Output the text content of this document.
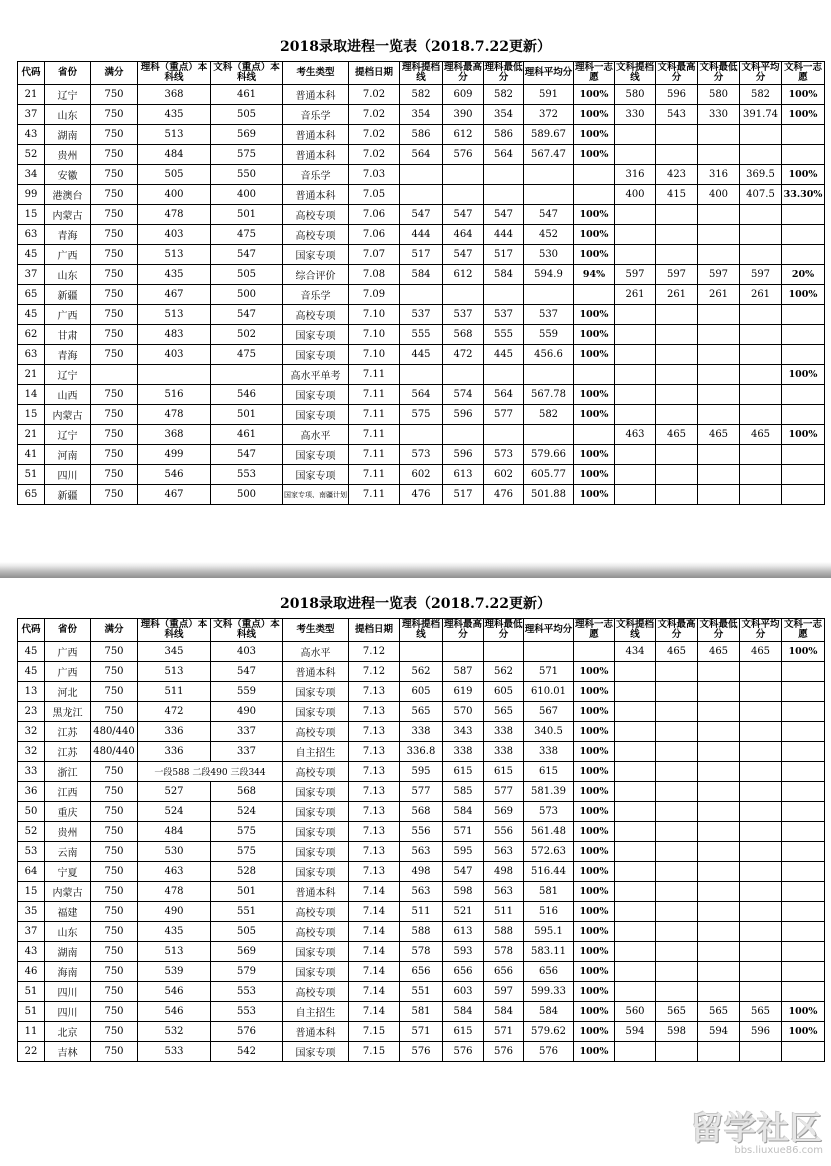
2018录取进程一览表（2018.7.22更新）
代码	省份	满分	理科（重点）本科线	文科（重点）本科线	考生类型	提档日期	理科提档线	理科最高分	理科最低分	理科平均分	理科一志愿	文科提档线	文科最高分	文科最低分	文科平均分	文科一志愿
21	辽宁	750	368	461	普通本科	7.02	582	609	582	591	100%	580	596	580	582	100%
37	山东	750	435	505	音乐学	7.02	354	390	354	372	100%	330	543	330	391.74	100%
43	湖南	750	513	569	普通本科	7.02	586	612	586	589.67	100%					
52	贵州	750	484	575	普通本科	7.02	564	576	564	567.47	100%					
34	安徽	750	505	550	音乐学	7.03						316	423	316	369.5	100%
99	港澳台	750	400	400	普通本科	7.05						400	415	400	407.5	33.30%
15	内蒙古	750	478	501	高校专项	7.06	547	547	547	547	100%					
63	青海	750	403	475	高校专项	7.06	444	464	444	452	100%					
45	广西	750	513	547	国家专项	7.07	517	547	517	530	100%					
37	山东	750	435	505	综合评价	7.08	584	612	584	594.9	94%	597	597	597	597	20%
65	新疆	750	467	500	音乐学	7.09						261	261	261	261	100%
45	广西	750	513	547	高校专项	7.10	537	537	537	537	100%					
62	甘肃	750	483	502	国家专项	7.10	555	568	555	559	100%					
63	青海	750	403	475	国家专项	7.10	445	472	445	456.6	100%					
21	辽宁				高水平单考	7.11										100%
14	山西	750	516	546	国家专项	7.11	564	574	564	567.78	100%					
15	内蒙古	750	478	501	国家专项	7.11	575	596	577	582	100%					
21	辽宁	750	368	461	高水平	7.11						463	465	465	465	100%
41	河南	750	499	547	国家专项	7.11	573	596	573	579.66	100%					
51	四川	750	546	553	国家专项	7.11	602	613	602	605.77	100%					
65	新疆	750	467	500	国家专项、南疆计划	7.11	476	517	476	501.88	100%					
2018录取进程一览表（2018.7.22更新）
代码	省份	满分	理科（重点）本科线	文科（重点）本科线	考生类型	提档日期	理科提档线	理科最高分	理科最低分	理科平均分	理科一志愿	文科提档线	文科最高分	文科最低分	文科平均分	文科一志愿
45	广西	750	345	403	高水平	7.12						434	465	465	465	100%
45	广西	750	513	547	普通本科	7.12	562	587	562	571	100%					
13	河北	750	511	559	国家专项	7.13	605	619	605	610.01	100%					
23	黑龙江	750	472	490	国家专项	7.13	565	570	565	567	100%					
32	江苏	480/440	336	337	高校专项	7.13	338	343	338	340.5	100%					
32	江苏	480/440	336	337	自主招生	7.13	336.8	338	338	338	100%					
33	浙江	750	一段588 二段490 三段344		高校专项	7.13	595	615	615	615	100%					
36	江西	750	527	568	国家专项	7.13	577	585	577	581.39	100%					
50	重庆	750	524	524	国家专项	7.13	568	584	569	573	100%					
52	贵州	750	484	575	国家专项	7.13	556	571	556	561.48	100%					
53	云南	750	530	575	国家专项	7.13	563	595	563	572.63	100%					
64	宁夏	750	463	528	国家专项	7.13	498	547	498	516.44	100%					
15	内蒙古	750	478	501	普通本科	7.14	563	598	563	581	100%					
35	福建	750	490	551	高校专项	7.14	511	521	511	516	100%					
37	山东	750	435	505	高校专项	7.14	588	613	588	595.1	100%					
43	湖南	750	513	569	国家专项	7.14	578	593	578	583.11	100%					
46	海南	750	539	579	国家专项	7.14	656	656	656	656	100%					
51	四川	750	546	553	高校专项	7.14	551	603	597	599.33	100%					
51	四川	750	546	553	自主招生	7.14	581	584	584	584	100%	560	565	565	565	100%
11	北京	750	532	576	普通本科	7.15	571	615	571	579.62	100%	594	598	594	596	100%
22	吉林	750	533	542	国家专项	7.15	576	576	576	576	100%					
留学社区
bbs.liuxue86.com
